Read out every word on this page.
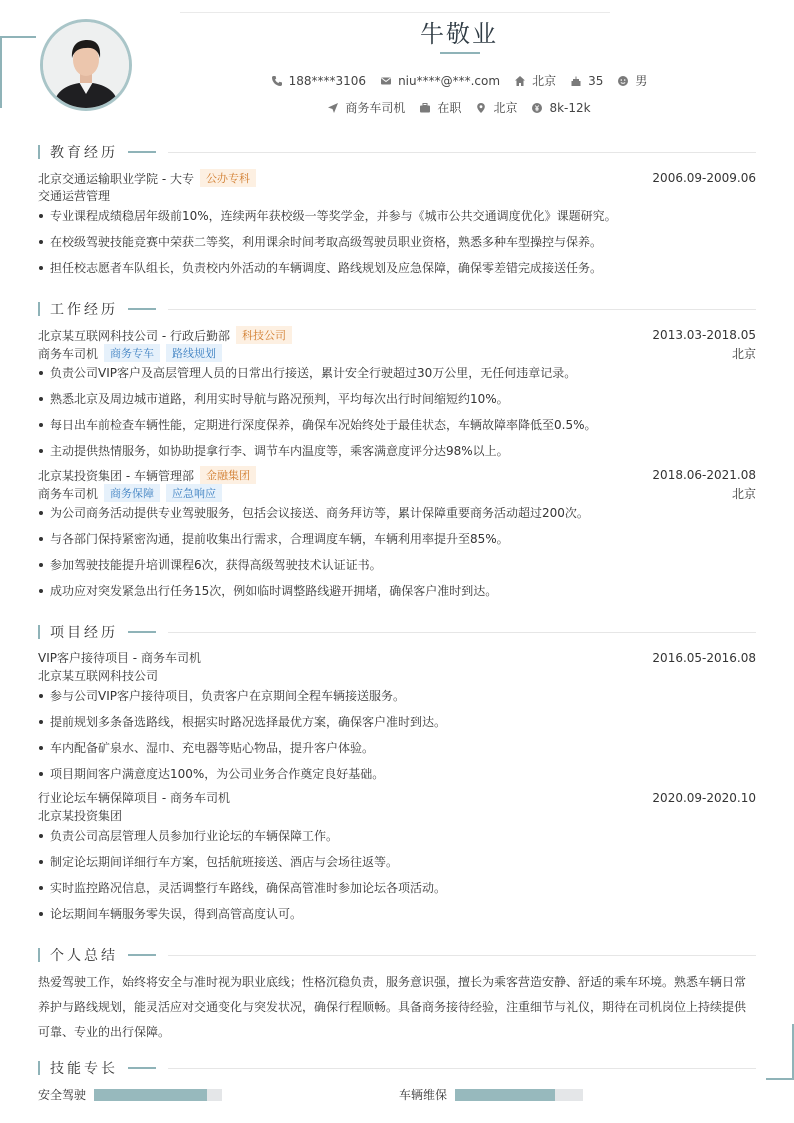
牛敬业
188****3106	niu****@***.com	北京	35	男
商务车司机	在职	北京	8k-12k
教育经历
北京交通运输职业学院 - 大专	公办专科	2006.09-2009.06
交通运营管理
专业课程成绩稳居年级前10%，连续两年获校级一等奖学金，并参与《城市公共交通调度优化》课题研究。
在校级驾驶技能竞赛中荣获二等奖，利用课余时间考取高级驾驶员职业资格，熟悉多种车型操控与保养。
担任校志愿者车队组长，负责校内外活动的车辆调度、路线规划及应急保障，确保零差错完成接送任务。
工作经历
北京某互联网科技公司 - 行政后勤部	科技公司	2013.03-2018.05
商务车司机	商务专车	路线规划	北京
负责公司VIP客户及高层管理人员的日常出行接送，累计安全行驶超过30万公里，无任何违章记录。
熟悉北京及周边城市道路，利用实时导航与路况预判，平均每次出行时间缩短约10%。
每日出车前检查车辆性能，定期进行深度保养，确保车况始终处于最佳状态，车辆故障率降低至0.5%。
主动提供热情服务，如协助提拿行李、调节车内温度等，乘客满意度评分达98%以上。
北京某投资集团 - 车辆管理部	金融集团	2018.06-2021.08
商务车司机	商务保障	应急响应	北京
为公司商务活动提供专业驾驶服务，包括会议接送、商务拜访等，累计保障重要商务活动超过200次。
与各部门保持紧密沟通，提前收集出行需求，合理调度车辆，车辆利用率提升至85%。
参加驾驶技能提升培训课程6次，获得高级驾驶技术认证证书。
成功应对突发紧急出行任务15次，例如临时调整路线避开拥堵，确保客户准时到达。
项目经历
VIP客户接待项目 - 商务车司机	2016.05-2016.08
北京某互联网科技公司
参与公司VIP客户接待项目，负责客户在京期间全程车辆接送服务。
提前规划多条备选路线，根据实时路况选择最优方案，确保客户准时到达。
车内配备矿泉水、湿巾、充电器等贴心物品，提升客户体验。
项目期间客户满意度达100%，为公司业务合作奠定良好基础。
行业论坛车辆保障项目 - 商务车司机	2020.09-2020.10
北京某投资集团
负责公司高层管理人员参加行业论坛的车辆保障工作。
制定论坛期间详细行车方案，包括航班接送、酒店与会场往返等。
实时监控路况信息，灵活调整行车路线，确保高管准时参加论坛各项活动。
论坛期间车辆服务零失误，得到高管高度认可。
个人总结
热爱驾驶工作，始终将安全与准时视为职业底线；性格沉稳负责，服务意识强，擅长为乘客营造安静、舒适的乘车环境。熟悉车辆日常养护与路线规划，能灵活应对交通变化与突发状况，确保行程顺畅。具备商务接待经验，注重细节与礼仪，期待在司机岗位上持续提供可靠、专业的出行保障。
技能专长
安全驾驶	车辆维保
